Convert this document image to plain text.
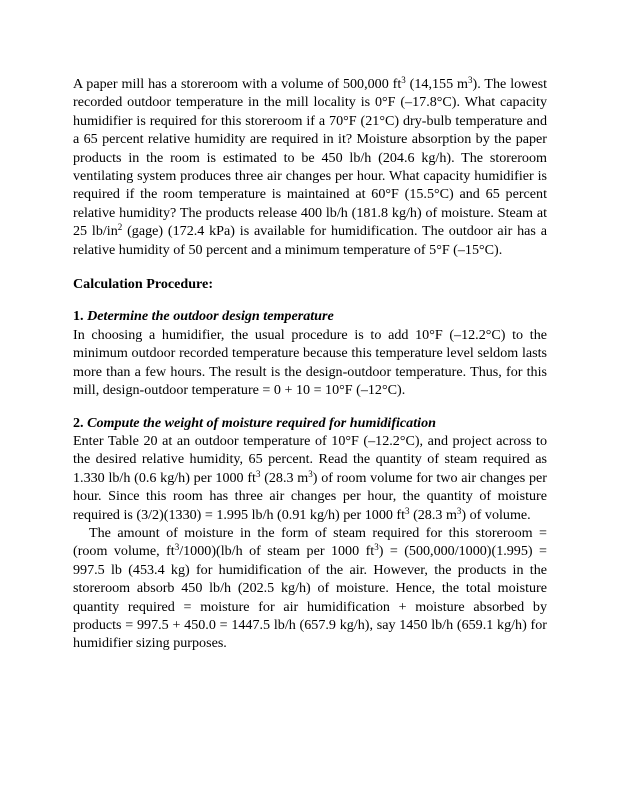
A paper mill has a storeroom with a volume of 500,000 $ft^3$ (14,155 $m^3$). The lowest recorded outdoor temperature in the mill locality is 0°F (–17.8°C). What capacity humidifier is required for this storeroom if a 70°F (21°C) dry-bulb temperature and a 65 percent relative humidity are required in it? Moisture absorption by the paper products in the room is estimated to be 450 lb/h (204.6 kg/h). The storeroom ventilating system produces three air changes per hour. What capacity humidifier is required if the room temperature is maintained at 60°F (15.5°C) and 65 percent relative humidity? The products release 400 lb/h (181.8 kg/h) of moisture. Steam at 25 $lb/in^2$ (gage) (172.4 kPa) is available for humidification. The outdoor air has a relative humidity of 50 percent and a minimum temperature of 5°F (–15°C).

Calculation Procedure:

1. Determine the outdoor design temperature

In choosing a humidifier, the usual procedure is to add 10°F (–12.2°C) to the minimum outdoor recorded temperature because this temperature level seldom lasts more than a few hours. The result is the design-outdoor temperature. Thus, for this mill, design-outdoor temperature = 0 + 10 = 10°F (–12°C).

2. Compute the weight of moisture required for humidification

Enter Table 20 at an outdoor temperature of 10°F (–12.2°C), and project across to the desired relative humidity, 65 percent. Read the quantity of steam required as 1.330 lb/h (0.6 kg/h) per 1000 $ft^3$ (28.3 $m^3$) of room volume for two air changes per hour. Since this room has three air changes per hour, the quantity of moisture required is (3/2)(1330) = 1.995 lb/h (0.91 kg/h) per 1000 $ft^3$ (28.3 $m^3$) of volume.

The amount of moisture in the form of steam required for this storeroom = (room volume, $ft^3/1000)(lb/h$ of steam per 1000 $ft^3) = (500,000/1000)(1.995) = 997.5$ lb (453.4 kg) for humidification of the air. However, the products in the storeroom absorb 450 lb/h (202.5 kg/h) of moisture. Hence, the total moisture quantity required = moisture for air humidification + moisture absorbed by products = 997.5 + 450.0 = 1447.5 lb/h (657.9 kg/h), say 1450 lb/h (659.1 kg/h) for humidifier sizing purposes.
